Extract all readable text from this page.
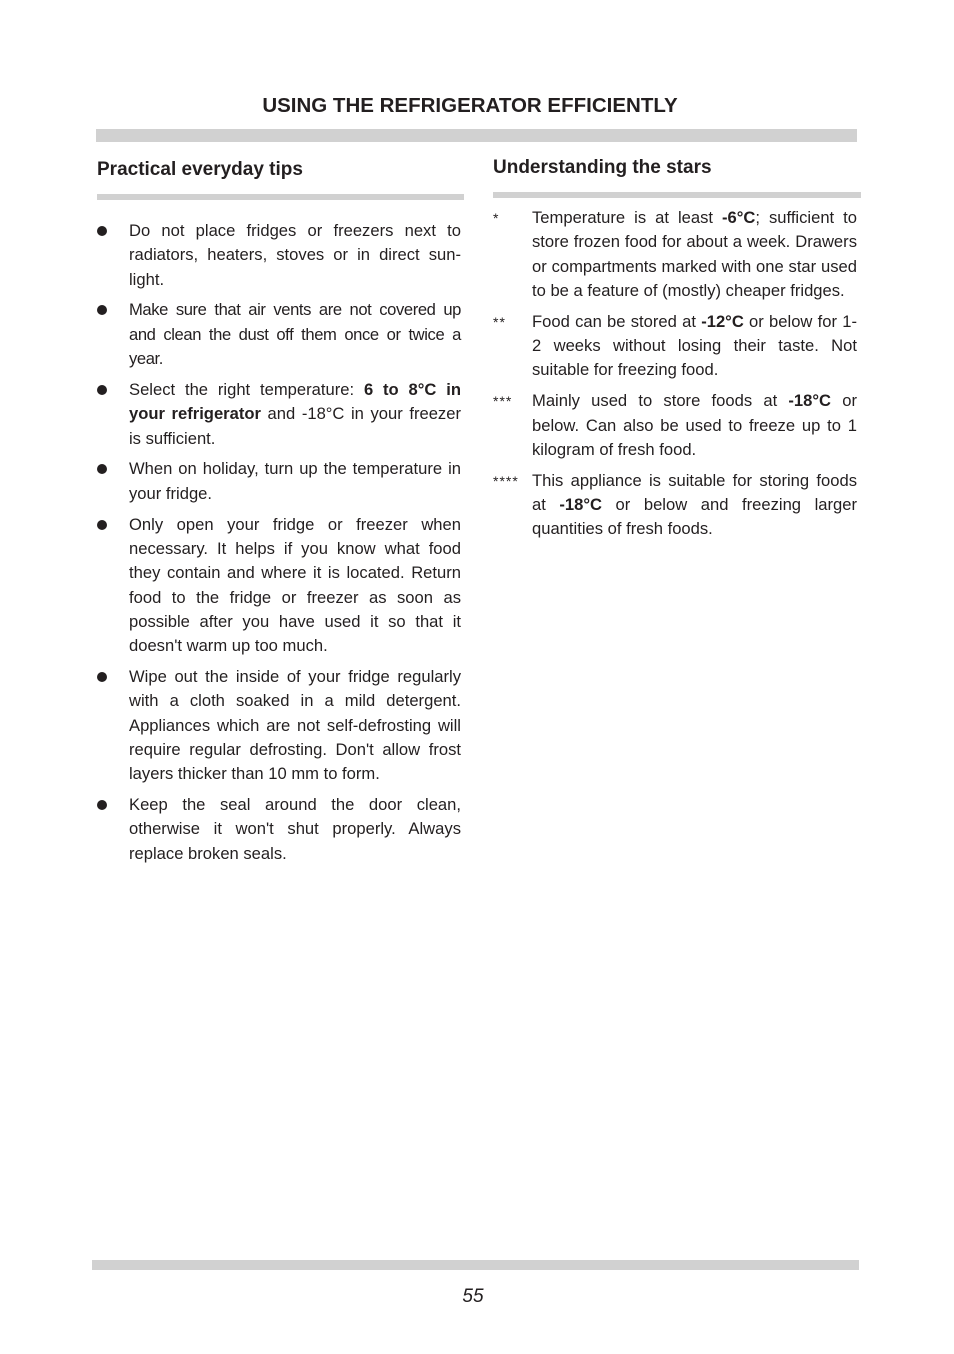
USING THE REFRIGERATOR EFFICIENTLY
Practical everyday tips
Do not place fridges or freezers next to radiators, heaters, stoves or in direct sun-light.
Make sure that air vents are not covered up and clean the dust off them once or twice a year.
Select the right temperature: 6 to 8°C in your refrigerator and -18°C in your freezer is sufficient.
When on holiday, turn up the temperature in your fridge.
Only open your fridge or freezer when necessary. It helps if you know what food they contain and where it is located. Return food to the fridge or freezer as soon as possible after you have used it so that it doesn't warm up too much.
Wipe out the inside of your fridge regularly with a cloth soaked in a mild detergent. Appliances which are not self-defrosting will require regular defrosting. Don't allow frost layers thicker than 10 mm to form.
Keep the seal around the door clean, otherwise it won't shut properly. Always replace broken seals.
Understanding the stars
* Temperature is at least -6°C; sufficient to store frozen food for about a week. Drawers or compartments marked with one star used to be a feature of (mostly) cheaper fridges.
** Food can be stored at -12°C or below for 1-2 weeks without losing their taste. Not suitable for freezing food.
*** Mainly used to store foods at -18°C or below. Can also be used to freeze up to 1 kilogram of fresh food.
**** This appliance is suitable for storing foods at -18°C or below and freezing larger quantities of fresh foods.
55
